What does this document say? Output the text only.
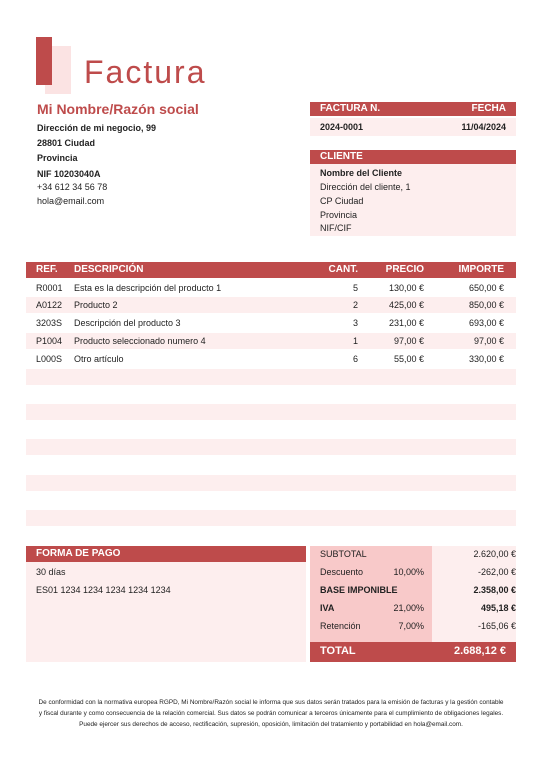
Factura
Mi Nombre/Razón social
Dirección de mi negocio, 99
28801 Ciudad
Provincia
NIF 10203040A
+34 612 34 56 78
hola@email.com
FACTURA N.	FECHA
2024-0001	11/04/2024
CLIENTE
Nombre del Cliente
Dirección del cliente, 1
CP Ciudad
Provincia
NIF/CIF
REF. DESCRIPCIÓN	CANT.	PRECIO	IMPORTE
R0001 Esta es la descripción del producto 1	5	130,00 €	650,00 €
A0122 Producto 2	2	425,00 €	850,00 €
3203S Descripción del producto 3	3	231,00 €	693,00 €
P1004 Producto seleccionado numero 4	1	97,00 €	97,00 €
L000S Otro artículo	6	55,00 €	330,00 €
FORMA DE PAGO
30 días
ES01 1234 1234 1234 1234 1234
SUBTOTAL	2.620,00 €
Descuento	10,00%	-262,00 €
BASE IMPONIBLE	2.358,00 €
IVA	21,00%	495,18 €
Retención	7,00%	-165,06 €
TOTAL	2.688,12 €
De conformidad con la normativa europea RGPD, Mi Nombre/Razón social le informa que sus datos serán tratados para la emisión de facturas y la gestión contable
y fiscal durante y como consecuencia de la relación comercial. Sus datos se podrán comunicar a terceros únicamente para el cumplimiento de obligaciones legales.
Puede ejercer sus derechos de acceso, rectificación, supresión, oposición, limitación del tratamiento y portabilidad en hola@email.com.
